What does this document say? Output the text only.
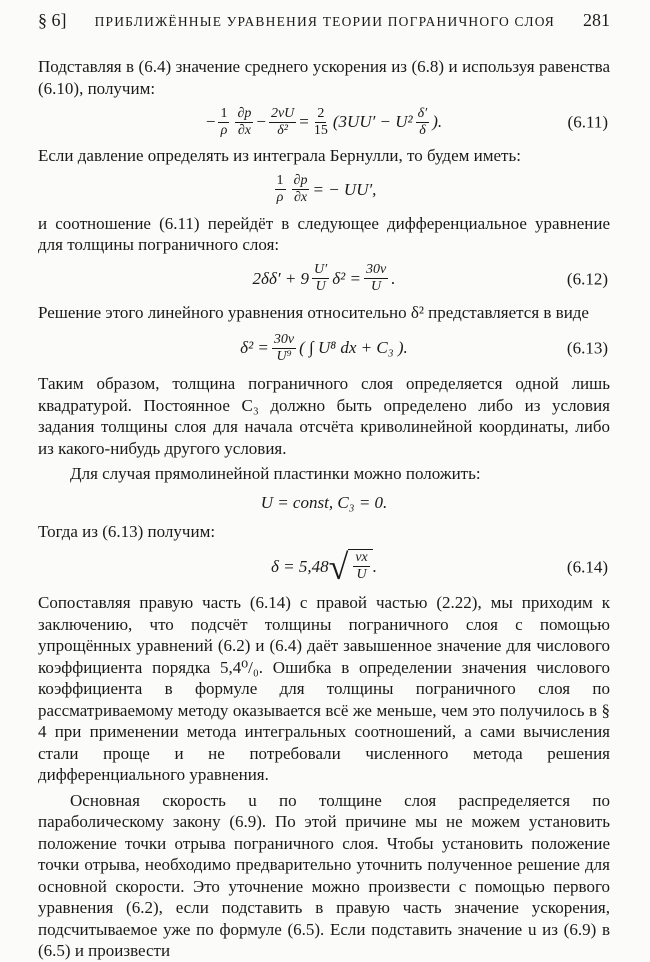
§ 6]	ПРИБЛИЖЁННЫЕ УРАВНЕНИЯ ТЕОРИИ ПОГРАНИЧНОГО СЛОЯ	281

Подставляя в (6.4) значение среднего ускорения из (6.8) и используя равенства (6.10), получим:

− $\frac{1}{\rho} \frac{\partial p}{\partial x} - \frac{2\nu U}{\text{δ²}} = \frac{2}{15} (3UU' - U^2 \frac{\delta'}{\delta}$ ).	(6.11)

Если давление определять из интеграла Бернулли, то будем иметь:

$\frac{1}{\rho} \frac{\partial p}{\partial x}$ = − UU′,

и соотношение (6.11) перейдёт в следующее дифференциальное уравнение для толщины пограничного слоя:

$2\delta\delta' + 9 \frac{U'}{U} \delta^2 = \frac{30\nu}{U}$ .	(6.12)

Решение этого линейного уравнения относительно δ² представляется в виде

$\delta^2 = \frac{30\nu}{\text{U⁹}}$ ( ∫ U⁸ dx + C₃ ).	(6.13)

Таким образом, толщина пограничного слоя определяется одной лишь квадратурой. Постоянное C₃ должно быть определено либо из условия задания толщины слоя для начала отсчёта криволинейной координаты, либо из какого-нибудь другого условия.

Для случая прямолинейной пластинки можно положить:

U = const, C₃ = 0.

Тогда из (6.13) получим:

δ = 5,48 √ $\frac{\nu x}{U}$ .	(6.14)

Сопоставляя правую часть (6.14) с правой частью (2.22), мы приходим к заключению, что подсчёт толщины пограничного слоя с помощью упрощённых уравнений (6.2) и (6.4) даёт завышенное значение для числового коэффициента порядка 5,4⁰/₀. Ошибка в определении значения числового коэффициента в формуле для толщины пограничного слоя по рассматриваемому методу оказывается всё же меньше, чем это получилось в § 4 при применении метода интегральных соотношений, а сами вычисления стали проще и не потребовали численного метода решения дифференциального уравнения.

Основная скорость u по толщине слоя распределяется по параболическому закону (6.9). По этой причине мы не можем установить положение точки отрыва пограничного слоя. Чтобы установить положение точки отрыва, необходимо предварительно уточнить полученное решение для основной скорости. Это уточнение можно произвести с помощью первого уравнения (6.2), если подставить в правую часть значение ускорения, подсчитываемое уже по формуле (6.5). Если подставить значение u из (6.9) в (6.5) и произвести
